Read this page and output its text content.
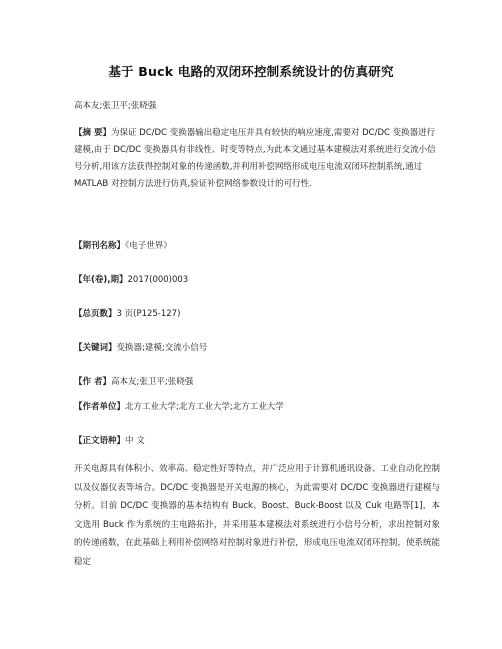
基于 Buck 电路的双闭环控制系统设计的仿真研究
高本友;张卫平;张晓强
【摘 要】为保证 DC/DC 变换器输出稳定电压并具有较快的响应速度,需要对 DC/DC 变换器进行建模,由于 DC/DC 变换器具有非线性、时变等特点,为此本文通过基本建模法对系统进行交流小信号分析,用该方法获得控制对象的传递函数,并利用补偿网络形成电压电流双闭环控制系统,通过 MATLAB 对控制方法进行仿真,验证补偿网络参数设计的可行性.
【期刊名称】《电子世界》
【年(卷),期】2017(000)003
【总页数】3 页(P125-127)
【关键词】变换器;建模;交流小信号
【作 者】高本友;张卫平;张晓强
【作者单位】北方工业大学;北方工业大学;北方工业大学
【正文语种】中 文
开关电源具有体积小、效率高、稳定性好等特点，并广泛应用于计算机通讯设备、工业自动化控制以及仪器仪表等场合。DC/DC 变换器是开关电源的核心，为此需要对 DC/DC 变换器进行建模与分析。目前 DC/DC 变换器的基本结构有 Buck、Boost、Buck-Boost 以及 Cuk 电路等[1]，本文选用 Buck 作为系统的主电路拓扑，并采用基本建模法对系统进行小信号分析，求出控制对象的传递函数，在此基础上利用补偿网络对控制对象进行补偿，形成电压电流双闭环控制，使系统能稳定
